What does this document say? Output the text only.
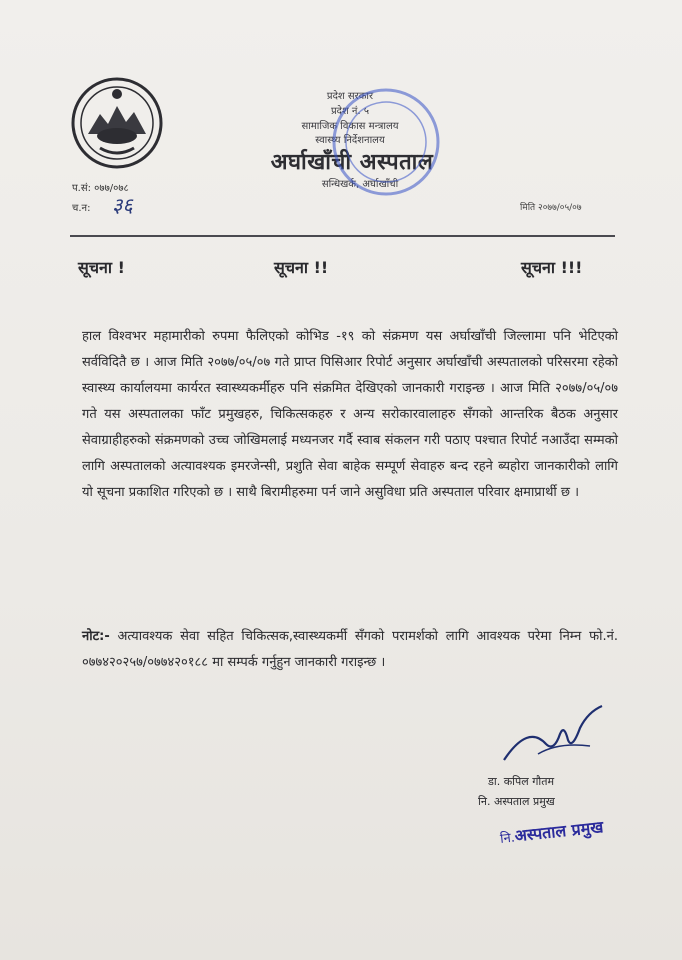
प्रदेश सरकार
प्रदेश नं. ५
सामाजिक विकास मन्त्रालय
स्वास्थ्य निर्देशनालय
अर्घाखाँची अस्पताल
सन्धिखर्क, अर्घाखाँची
प.सं: ०७७/०७८
च.न: ३६	मिति २०७७/०५/०७
सूचना !	सूचना !!	सूचना !!!
हाल विश्वभर महामारीको रुपमा फैलिएको कोभिड -१९ को संक्रमण यस अर्घाखाँची जिल्लामा पनि भेटिएको सर्वविदितै छ । आज मिति २०७७/०५/०७ गते प्राप्त पिसिआर रिपोर्ट अनुसार अर्घाखाँची अस्पतालको परिसरमा रहेको स्वास्थ्य कार्यालयमा कार्यरत स्वास्थ्यकर्मीहरु पनि संक्रमित देखिएको जानकारी गराइन्छ । आज मिति २०७७/०५/०७ गते यस अस्पतालका फाँट प्रमुखहरु, चिकित्सकहरु र अन्य सरोकारवालाहरु सँगको आन्तरिक बैठक अनुसार सेवाग्राहीहरुको संक्रमणको उच्च जोखिमलाई मध्यनजर गर्दै स्वाब संकलन गरी पठाए पश्चात रिपोर्ट नआउँदा सम्मको लागि अस्पतालको अत्यावश्यक इमरजेन्सी, प्रशुति सेवा बाहेक सम्पूर्ण सेवाहरु बन्द रहने ब्यहोरा जानकारीको लागि यो सूचना प्रकाशित गरिएको छ । साथै बिरामीहरुमा पर्न जाने असुविधा प्रति अस्पताल परिवार क्षमाप्रार्थी छ ।
नोट:- अत्यावश्यक सेवा सहित चिकित्सक,स्वास्थ्यकर्मी सँगको परामर्शको लागि आवश्यक परेमा निम्न फो.नं. ०७७४२०२५७/०७७४२०१८८ मा सम्पर्क गर्नुहुन जानकारी गराइन्छ ।
डा. कपिल गौतम
नि. अस्पताल प्रमुख
नि.अस्पताल प्रमुख
